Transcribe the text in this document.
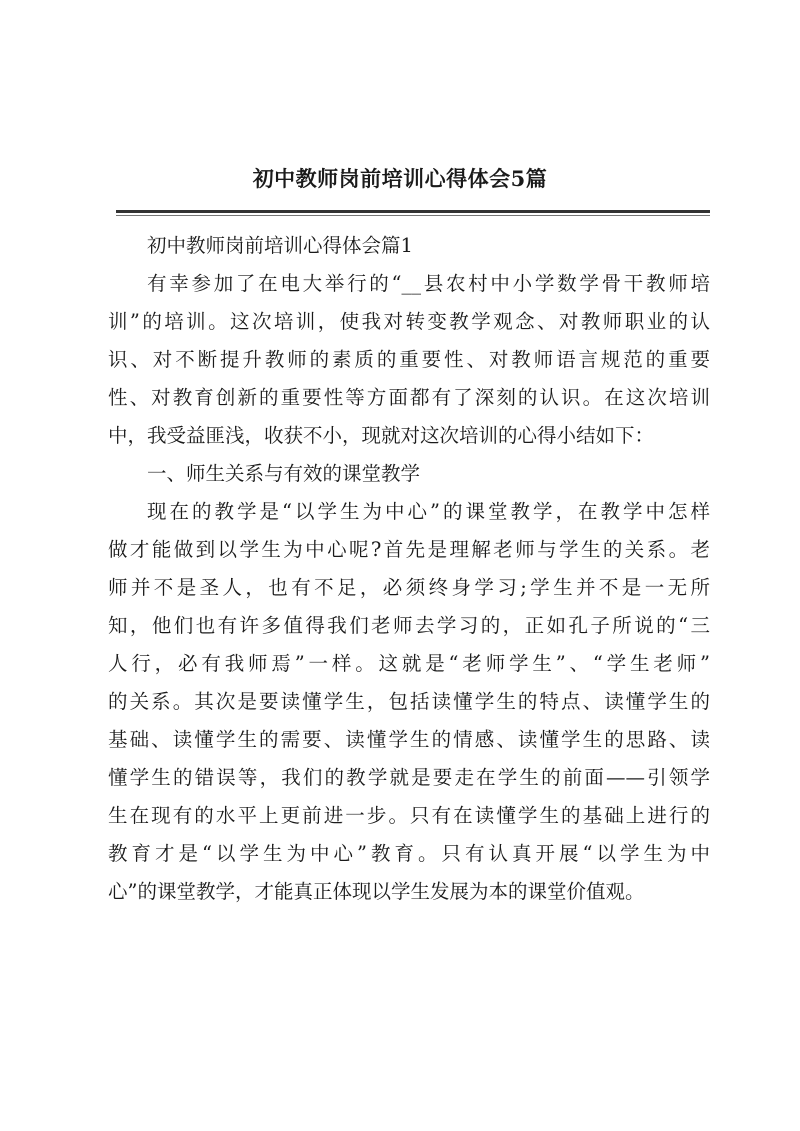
初中教师岗前培训心得体会5篇
初中教师岗前培训心得体会篇1
有幸参加了在电大举行的“__县农村中小学数学骨干教师培
训”的培训。这次培训，使我对转变教学观念、对教师职业的认
识、对不断提升教师的素质的重要性、对教师语言规范的重要
性、对教育创新的重要性等方面都有了深刻的认识。在这次培训
中，我受益匪浅，收获不小，现就对这次培训的心得小结如下：
一、师生关系与有效的课堂教学
现在的教学是“以学生为中心”的课堂教学，在教学中怎样
做才能做到以学生为中心呢?首先是理解老师与学生的关系。老
师并不是圣人，也有不足，必须终身学习;学生并不是一无所
知，他们也有许多值得我们老师去学习的，正如孔子所说的“三
人行，必有我师焉”一样。这就是“老师学生”、“学生老师”
的关系。其次是要读懂学生，包括读懂学生的特点、读懂学生的
基础、读懂学生的需要、读懂学生的情感、读懂学生的思路、读
懂学生的错误等，我们的教学就是要走在学生的前面——引领学
生在现有的水平上更前进一步。只有在读懂学生的基础上进行的
教育才是“以学生为中心”教育。只有认真开展“以学生为中
心”的课堂教学，才能真正体现以学生发展为本的课堂价值观。
